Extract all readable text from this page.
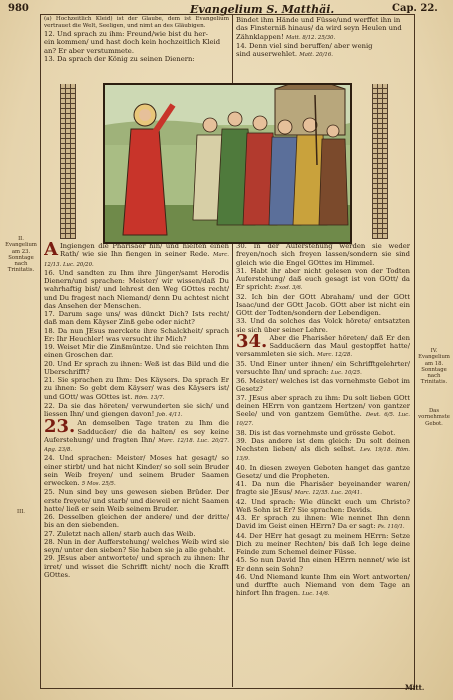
980	Evangelium S. Matthäi.	Cap. 22.

(a) Hochzeitlich Kleid) ist der Glaube, dem ist Evangelium vertrauet die Welt, Seeligen, und nimt an des Gläubigen.

12. Und sprach zu ihm: Freund/wie bist du her-

ein kommen/ und hast doch kein hochzeitlich Kleid

an? Er aber verstummete.

13. Da sprach der König zu seinen Dienern:

Bindet ihm Hände und Füsse/und werffet ihn in

das Finsterniß hinaus/ da wird seyn Heulen und

Zähnklappen! Matt. 8/12. 25/30.

14. Denn viel sind beruffen/ aber wenig

sind auserwehlet. Matt. 20/16.

II. Evangelium am 23. Sonntage nach Trinitatis.
III.
IV. Evangelium am 18. Sonntage nach Trinitatis.
Das vornehmste Gebot.

A Ingiengen die Pharisäer hin/ und hielten einen Rath/ wie sie Ihn fiengen in seiner Rede. Marc. 12/13. Luc. 20/20.

16. Und sandten zu Ihm ihre Jünger/samt Herodis Dienern/und sprachen: Meister/ wir wissen/daß Du wahrhaftig bist/ und lehrest den Weg GOttes recht/ und Du fragest nach Niemand/ denn Du achtest nicht das Ansehen der Menschen.

17. Darum sage uns/ was dünckt Dich? Ists recht/ daß man dem Käyser Zinß gebe oder nicht?

18. Da nun JEsus merckete ihre Schalckheit/ sprach Er: Ihr Heuchler! was versucht ihr Mich?

19. Weiset Mir die Zinßmüntze. Und sie reichten Ihm einen Groschen dar.

20. Und Er sprach zu ihnen: Weß ist das Bild und die Uberschrifft?

21. Sie sprachen zu Ihm: Des Käysers. Da sprach Er zu ihnen: So gebt dem Käyser/ was des Käysers ist/ und GOtt/ was GOttes ist. Röm. 13/7.

22. Da sie das höreten/ verwunderten sie sich/ und liessen Ihn/ und giengen davon! Job. 4/11.

23. An demselben Tage traten zu Ihm die Sadducäer/ die da halten/ es sey keine Auferstehung/ und fragten Ihn/ Marc. 12/18. Luc. 20/27. Apg. 23/8.

24. Und sprachen: Meister/ Moses hat gesagt/ so einer stirbt/ und hat nicht Kinder/ so soll sein Bruder sein Weib freyen/ und seinem Bruder Saamen erwecken. 5 Mos. 25/5.

25. Nun sind bey uns gewesen sieben Brüder. Der erste freyete/ und starb/ und dieweil er nicht Saamen hatte/ ließ er sein Weib seinem Bruder.

26. Desselben gleichen der andere/ und der dritte/ bis an den siebenden.

27. Zuletzt nach allen/ starb auch das Weib.

28. Nun in der Aufferstehung/ welches Weib wird sie seyn/ unter den sieben? Sie haben sie ja alle gehabt.

29. JEsus aber antwortete/ und sprach zu ihnen: Ihr irret/ und wisset die Schrifft nicht/ noch die Krafft GOttes.

30. In der Auferstehung werden sie weder freyen/noch sich freyen lassen/sondern sie sind gleich wie die Engel GOttes im Himmel.

31. Habt ihr aber nicht gelesen von der Todten Auferstehung/ daß euch gesagt ist von GOtt/ da Er spricht: Exod. 3/6.

32. Ich bin der GOtt Abraham/ und der GOtt Isaac/und der GOtt Jacob. GOtt aber ist nicht ein GOtt der Todten/sondern der Lebendigen.

33. Und da solches das Volck hörete/ entsatzten sie sich über seiner Lehre.

34. Aber die Pharisäer höreten/ daß Er den Sadducäern das Maul gestopffet hatte/ versammleten sie sich. Marc. 12/28.

35. Und Einer unter ihnen/ ein Schrifftgelehrter/ versuchte Ihn/ und sprach: Luc. 10/25.

36. Meister/ welches ist das vornehmste Gebot im Gesetz?

37. JEsus aber sprach zu ihm: Du solt lieben GOtt deinen HErrn von gantzem Hertzen/ von gantzer Seele/ und von gantzem Gemüthe. Deut. 6/5. Luc. 10/27.

38. Dis ist das vornehmste und grösste Gebot.

39. Das andere ist dem gleich: Du solt deinen Nechsten lieben/ als dich selbst. Lev. 19/18. Röm. 13/9.

40. In diesen zweyen Geboten hanget das gantze Gesetz/ und die Propheten.

41. Da nun die Pharisäer beyeinander waren/ fragte sie JEsus/ Marc. 12/35. Luc. 20/41.

42. Und sprach: Wie dünckt euch um Christo? Weß Sohn ist Er? Sie sprachen: Davids.

43. Er sprach zu ihnen: Wie nennet Ihn denn David im Geist einen HErrn? Da er sagt: Ps. 110/1.

44. Der HErr hat gesagt zu meinem HErrn: Setze Dich zu meiner Rechten/ bis daß Ich lege deine Feinde zum Schemel deiner Füsse.

45. So nun David Ihn einen HErrn nennet/ wie ist Er denn sein Sohn?

46. Und Niemand kunte Ihm ein Wort antworten/ und durffte auch Niemand von dem Tage an hinfort Ihn fragen. Luc. 14/6.

Mitt.
